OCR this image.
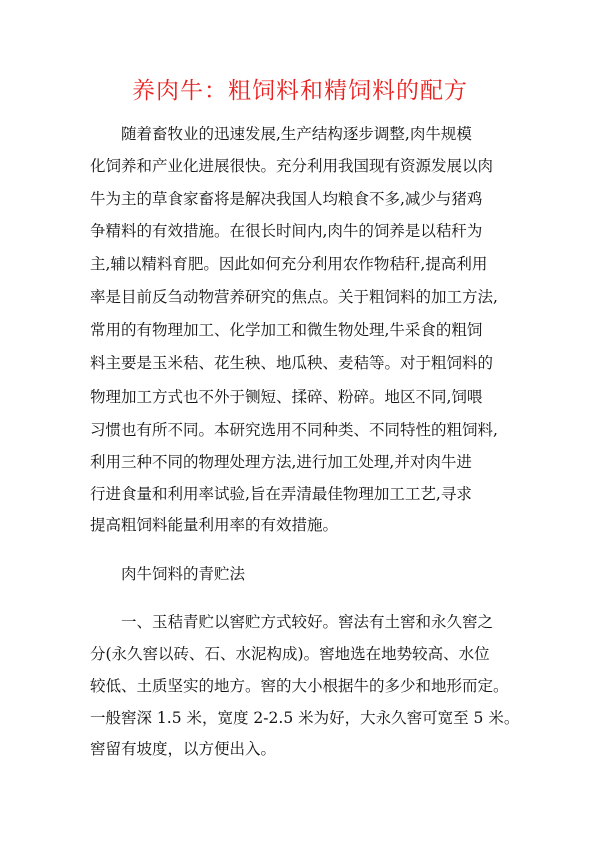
养肉牛：粗饲料和精饲料的配方
随着畜牧业的迅速发展,生产结构逐步调整,肉牛规模
化饲养和产业化进展很快。充分利用我国现有资源发展以肉
牛为主的草食家畜将是解决我国人均粮食不多,减少与猪鸡
争精料的有效措施。在很长时间内,肉牛的饲养是以秸秆为
主,辅以精料育肥。因此如何充分利用农作物秸秆,提高利用
率是目前反刍动物营养研究的焦点。关于粗饲料的加工方法,
常用的有物理加工、化学加工和微生物处理,牛采食的粗饲
料主要是玉米秸、花生秧、地瓜秧、麦秸等。对于粗饲料的
物理加工方式也不外于铡短、揉碎、粉碎。地区不同,饲喂
习惯也有所不同。本研究选用不同种类、不同特性的粗饲料,
利用三种不同的物理处理方法,进行加工处理,并对肉牛进
行进食量和利用率试验,旨在弄清最佳物理加工工艺,寻求
提高粗饲料能量利用率的有效措施。
肉牛饲料的青贮法
一、玉秸青贮以窖贮方式较好。窖法有土窖和永久窖之
分(永久窖以砖、石、水泥构成)。窖地选在地势较高、水位
较低、土质坚实的地方。窖的大小根据牛的多少和地形而定。
一般窖深 1.5 米，宽度 2-2.5 米为好，大永久窖可宽至 5 米。
窖留有坡度，以方便出入。
